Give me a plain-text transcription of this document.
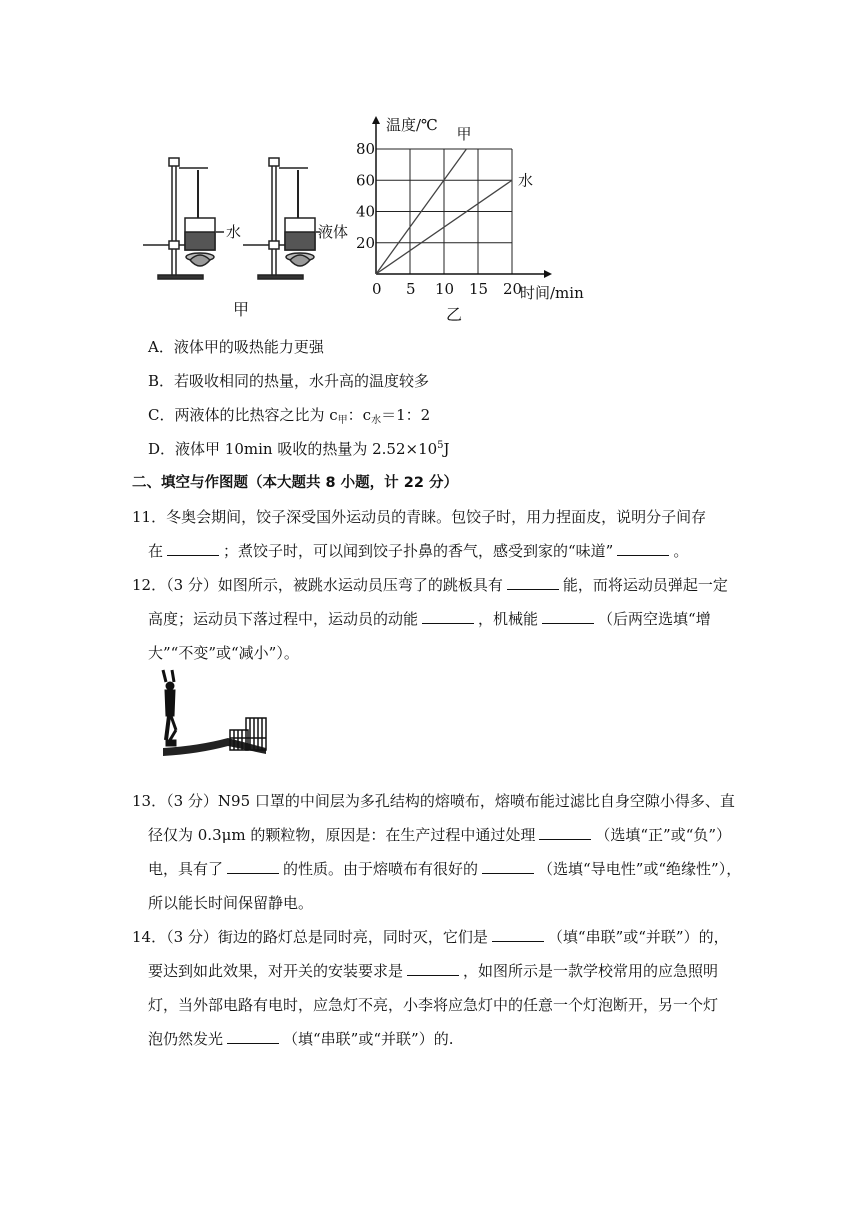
水	液体
甲
0 5 10 15 20
20
40
60
80
甲
水
温度/℃
时间/min
乙
A．液体甲的吸热能力更强
B．若吸收相同的热量，水升高的温度较多
C．两液体的比热容之比为 $c_甲$：$c_水=1$：2
D．液体甲 10min 吸收的热量为 $2.52\times 10^5J$
二、填空与作图题（本大题共 8 小题，计 22 分）
11．冬奥会期间，饺子深受国外运动员的青睐。包饺子时，用力捏面皮，说明分子间存
在	；煮饺子时，可以闻到饺子扑鼻的香气，感受到家的“味道”	。
12．（3 分）如图所示，被跳水运动员压弯了的跳板具有	能，而将运动员弹起一定
高度；运动员下落过程中，运动员的动能	，机械能	（后两空选填“增
大”“不变”或“减小”）。
13．（3 分）N95 口罩的中间层为多孔结构的熔喷布，熔喷布能过滤比自身空隙小得多、直
径仅为 0.3μm 的颗粒物，原因是：在生产过程中通过处理	（选填“正”或“负”）
电，具有了	的性质。由于熔喷布有很好的	（选填“导电性”或“绝缘性”），
所以能长时间保留静电。
14．（3 分）街边的路灯总是同时亮，同时灭，它们是	（填“串联”或“并联”）的，
要达到如此效果，对开关的安装要求是	，如图所示是一款学校常用的应急照明
灯，当外部电路有电时，应急灯不亮，小李将应急灯中的任意一个灯泡断开，另一个灯
泡仍然发光	（填“串联”或“并联”）的.
